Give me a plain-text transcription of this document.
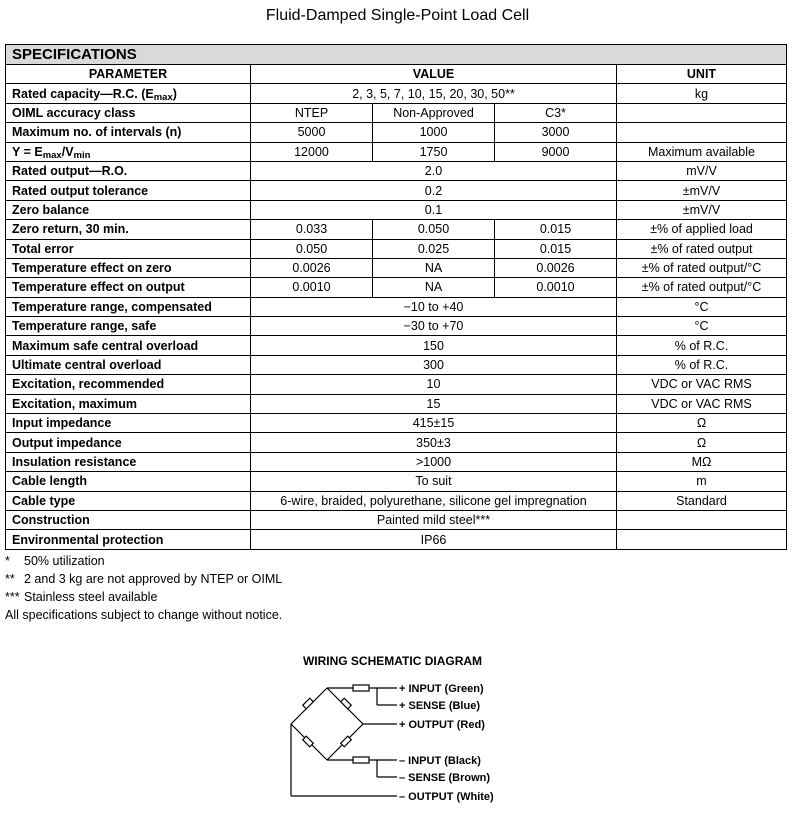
Fluid-Damped Single-Point Load Cell
SPECIFICATIONS				
PARAMETER	VALUE			UNIT
Rated capacity—R.C. $(E_{max})$	2, 3, 5, 7, 10, 15, 20, 30, 50**			kg
OIML accuracy class	NTEP	Non-Approved	C3*	
Maximum no. of intervals (n)	5000	1000	3000	
$Y = E_{max}/V_{min}$	12000	1750	9000	Maximum available
Rated output—R.O.	2.0			mV/V
Rated output tolerance	0.2			±mV/V
Zero balance	0.1			±mV/V
Zero return, 30 min.	0.033	0.050	0.015	±% of applied load
Total error	0.050	0.025	0.015	±% of rated output
Temperature effect on zero	0.0026	NA	0.0026	±% of rated output/°C
Temperature effect on output	0.0010	NA	0.0010	±% of rated output/°C
Temperature range, compensated	−10 to +40			°C
Temperature range, safe	−30 to +70			°C
Maximum safe central overload	150			% of R.C.
Ultimate central overload	300			% of R.C.
Excitation, recommended	10			VDC or VAC RMS
Excitation, maximum	15			VDC or VAC RMS
Input impedance	415±15			Ω
Output impedance	350±3			Ω
Insulation resistance	>1000			MΩ
Cable length	To suit			m
Cable type	6-wire, braided, polyurethane, silicone gel impregnation			Standard
Construction	Painted mild steel***			
Environmental protection	IP66			
* 50% utilization
** 2 and 3 kg are not approved by NTEP or OIML
*** Stainless steel available
All specifications subject to change without notice.
WIRING SCHEMATIC DIAGRAM
+ INPUT (Green)
+ SENSE (Blue)
+ OUTPUT (Red)
– INPUT (Black)
– SENSE (Brown)
– OUTPUT (White)
